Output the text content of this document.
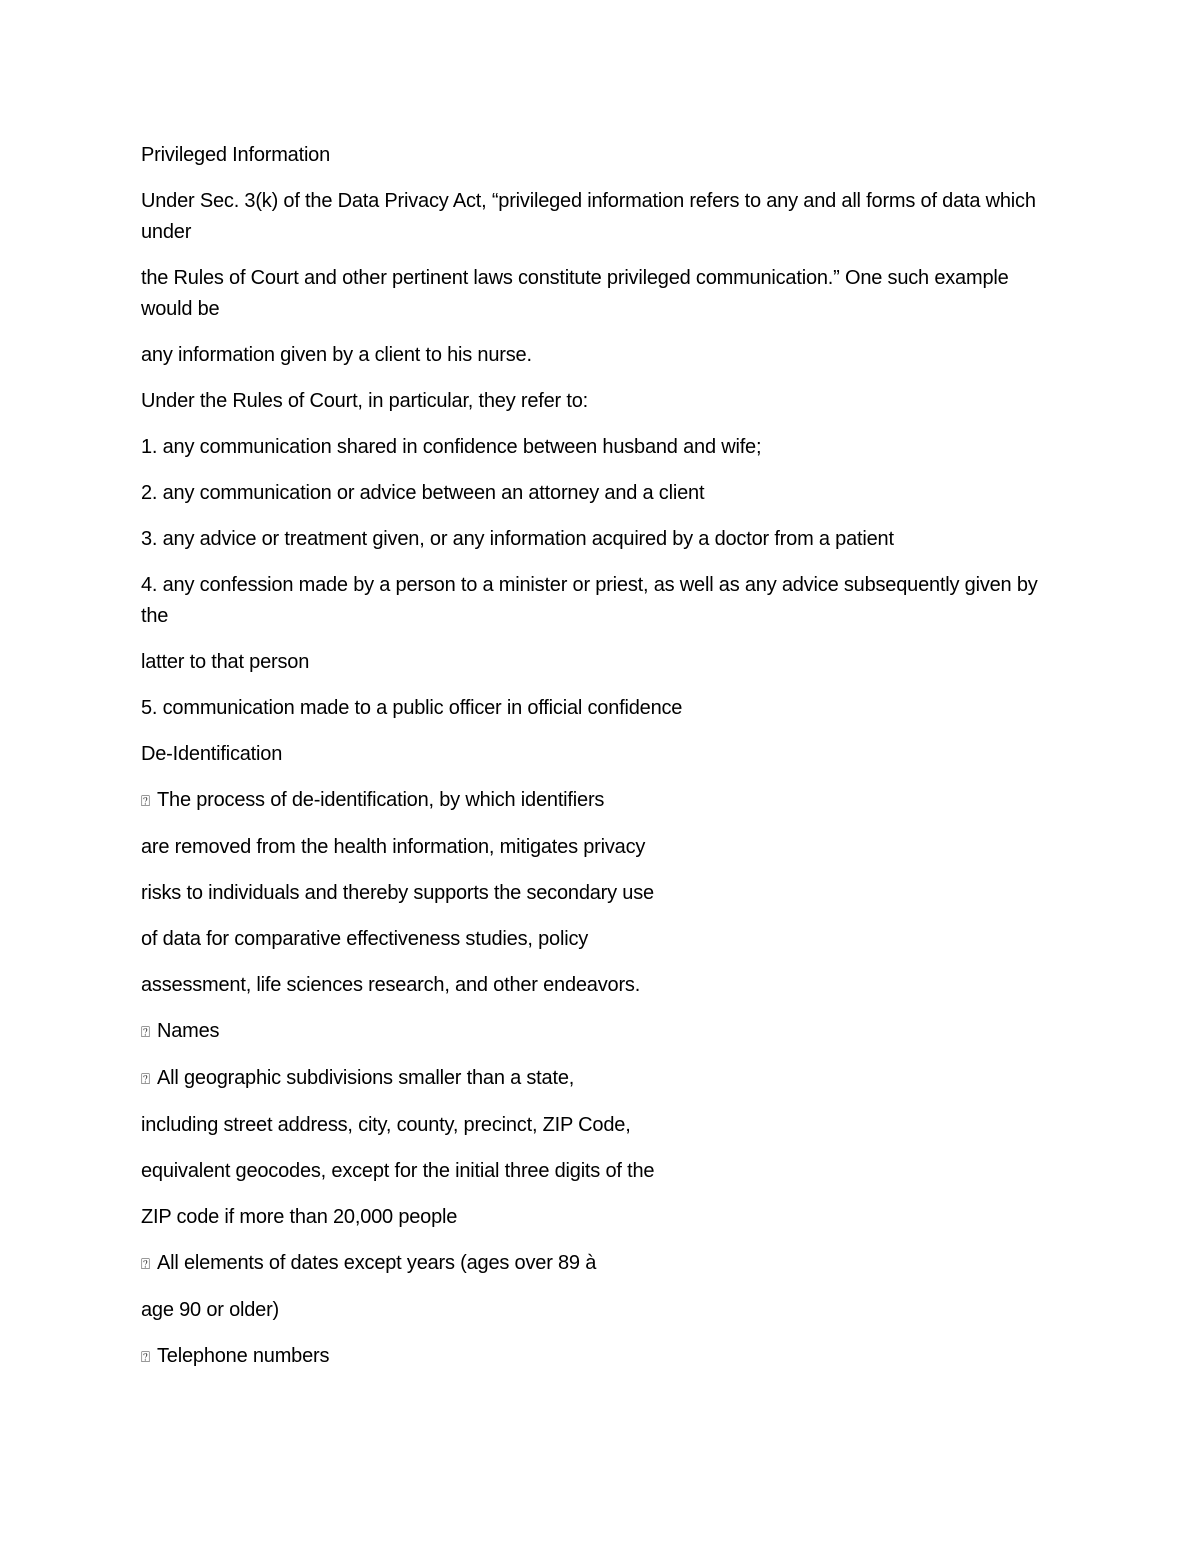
Privileged Information

Under Sec. 3(k) of the Data Privacy Act, “privileged information refers to any and all forms of data which under

the Rules of Court and other pertinent laws constitute privileged communication.” One such example would be

any information given by a client to his nurse.

Under the Rules of Court, in particular, they refer to:

1. any communication shared in confidence between husband and wife;

2. any communication or advice between an attorney and a client

3. any advice or treatment given, or any information acquired by a doctor from a patient

4. any confession made by a person to a minister or priest, as well as any advice subsequently given by the

latter to that person

5. communication made to a public officer in official confidence

De-Identification

⍰ The process of de-identification, by which identifiers

are removed from the health information, mitigates privacy

risks to individuals and thereby supports the secondary use

of data for comparative effectiveness studies, policy

assessment, life sciences research, and other endeavors.

⍰ Names

⍰ All geographic subdivisions smaller than a state,

including street address, city, county, precinct, ZIP Code,

equivalent geocodes, except for the initial three digits of the

ZIP code if more than 20,000 people

⍰ All elements of dates except years (ages over 89 à

age 90 or older)

⍰ Telephone numbers
